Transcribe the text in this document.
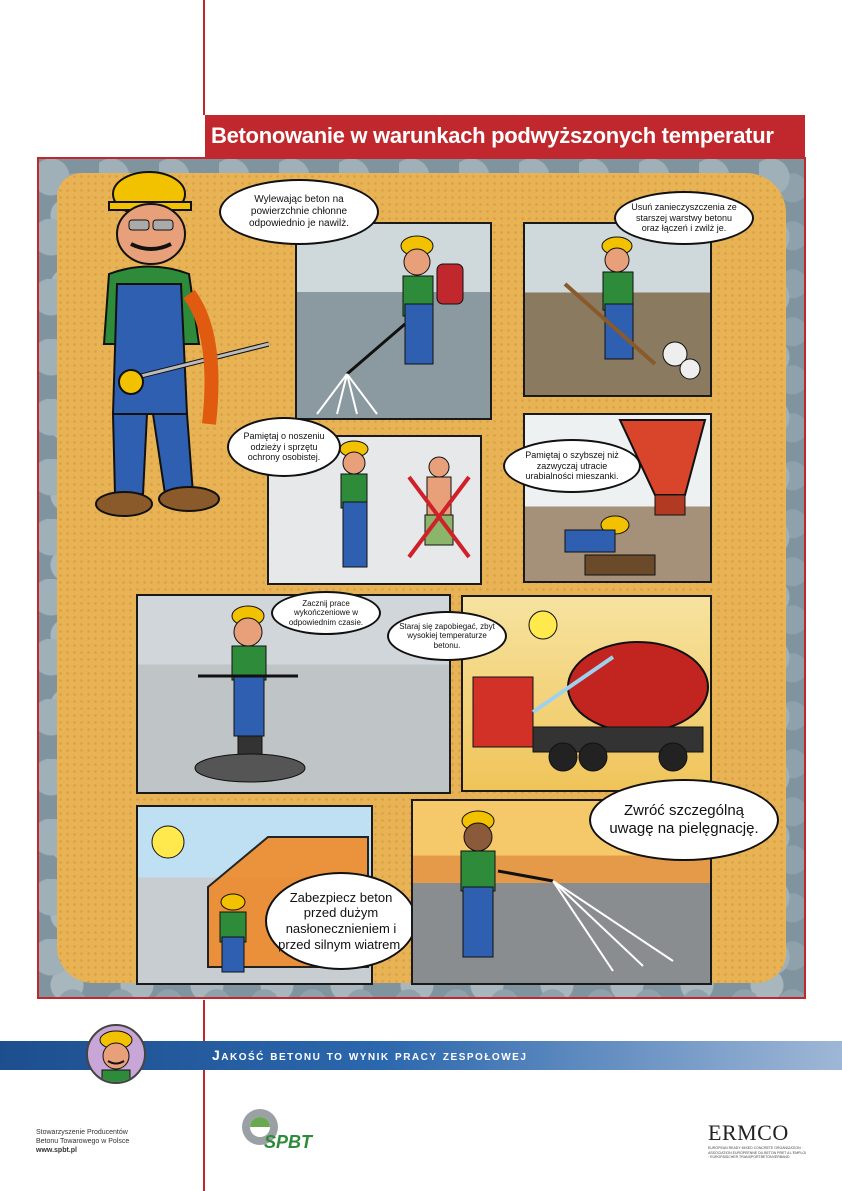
Betonowanie w warunkach podwyższonych temperatur
Wylewając beton na powierzchnie chłonne odpowiednio je nawilż.
Usuń zanieczyszczenia ze starszej warstwy betonu oraz łączeń i zwilż je.
Pamiętaj o noszeniu odzieży i sprzętu ochrony osobistej.	Pamiętaj o szybszej niż zazwyczaj utracie urabialności mieszanki.
Zacznij prace wykończeniowe w odpowiednim czasie.	Staraj się zapobiegać, zbyt wysokiej temperaturze betonu.
Zabezpiecz beton przed dużym nasłonecznieniem i przed silnym wiatrem.
Zwróć szczególną uwagę na pielęgnację.
Jakość betonu to wynik pracy zespołowej
Stowarzyszenie Producentów
Betonu Towarowego w Polsce
www.spbt.pl	SPBT	ERMCO
EUROPEAN READY MIXED CONCRETE ORGANIZATION · ASSOCIATION EUROPEENNE DU BETON PRET A L'EMPLOI · EUROPÄISCHER TRANSPORTBETONVERBAND
